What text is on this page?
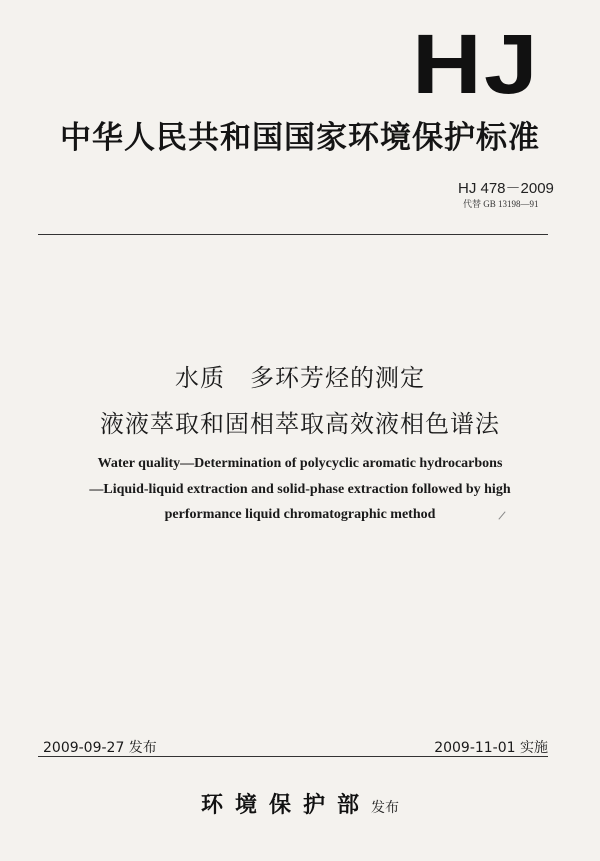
HJ
中华人民共和国国家环境保护标准
HJ 478－2009
代替 GB 13198—91
水质　多环芳烃的测定
液液萃取和固相萃取高效液相色谱法
Water quality—Determination of polycyclic aromatic hydrocarbons
—Liquid-liquid extraction and solid-phase extraction followed by high
performance liquid chromatographic method
2009-09-27 发布	2009-11-01 实施
环境保护部发布
